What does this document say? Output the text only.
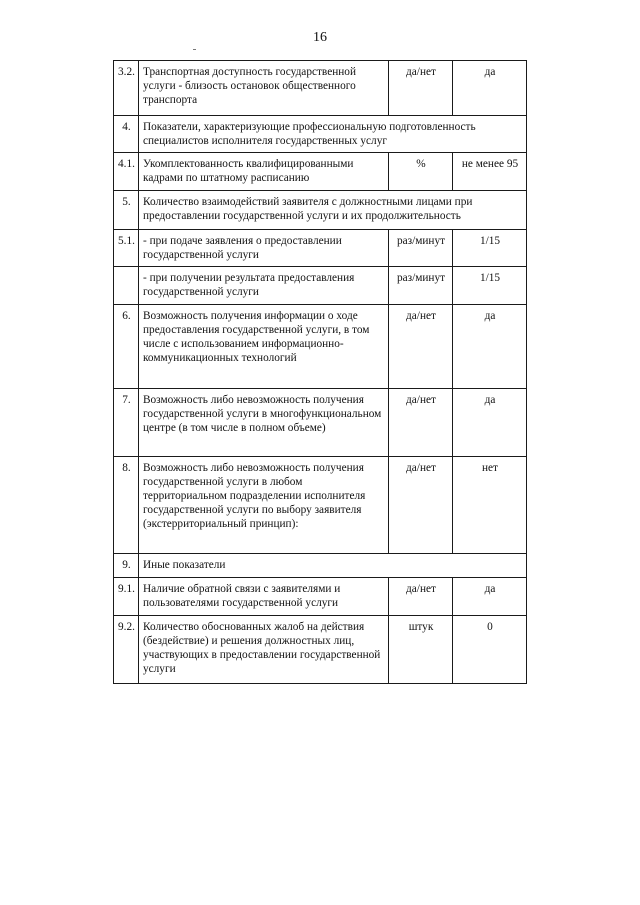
16
3.2.	Транспортная доступность государственной услуги - близость остановок общественного транспорта	да/нет	да
4.	Показатели, характеризующие профессиональную подготовленность специалистов исполнителя государственных услуг		
4.1.	Укомплектованность квалифицированными кадрами по штатному расписанию	%	не менее 95
5.	Количество взаимодействий заявителя с должностными лицами при предоставлении государственной услуги и их продолжительность		
5.1.	- при подаче заявления о предоставлении государственной услуги	раз/минут	1/15
	- при получении результата предоставления государственной услуги	раз/минут	1/15
6.	Возможность получения информации о ходе предоставления государственной услуги, в том числе с использованием информационно-коммуникационных технологий	да/нет	да
7.	Возможность либо невозможность получения государственной услуги в многофункциональном центре (в том числе в полном объеме)	да/нет	да
8.	Возможность либо невозможность получения государственной услуги в любом территориальном подразделении исполнителя государственной услуги по выбору заявителя (экстерриториальный принцип):	да/нет	нет
9.	Иные показатели		
9.1.	Наличие обратной связи с заявителями и пользователями государственной услуги	да/нет	да
9.2.	Количество обоснованных жалоб на действия (бездействие) и решения должностных лиц, участвующих в предоставлении государственной услуги	штук	0
